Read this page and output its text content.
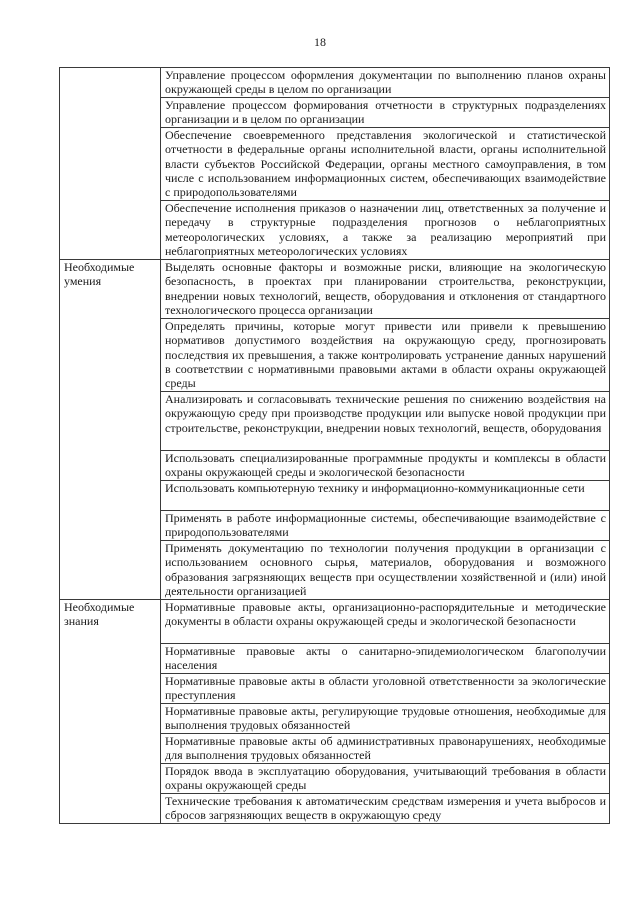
18
	Управление процессом оформления документации по выполнению планов охраны окружающей среды в целом по организации
	Управление процессом формирования отчетности в структурных подразделениях организации и в целом по организации
	Обеспечение своевременного представления экологической и статистической отчетности в федеральные органы исполнительной власти, органы исполнительной власти субъектов Российской Федерации, органы местного самоуправления, в том числе с использованием информационных систем, обеспечивающих взаимодействие с природопользователями
	Обеспечение исполнения приказов о назначении лиц, ответственных за получение и передачу в структурные подразделения прогнозов о неблагоприятных метеорологических условиях, а также за реализацию мероприятий при неблагоприятных метеорологических условиях
Необходимые умения	Выделять основные факторы и возможные риски, влияющие на экологическую безопасность, в проектах при планировании строительства, реконструкции, внедрении новых технологий, веществ, оборудования и отклонения от стандартного технологического процесса организации
	Определять причины, которые могут привести или привели к превышению нормативов допустимого воздействия на окружающую среду, прогнозировать последствия их превышения, а также контролировать устранение данных нарушений в соответствии с нормативными правовыми актами в области охраны окружающей среды
	Анализировать и согласовывать технические решения по снижению воздействия на окружающую среду при производстве продукции или выпуске новой продукции при строительстве, реконструкции, внедрении новых технологий, веществ, оборудования
	Использовать специализированные программные продукты и комплексы в области охраны окружающей среды и экологической безопасности
	Использовать компьютерную технику и информационно-коммуникационные сети
	Применять в работе информационные системы, обеспечивающие взаимодействие с природопользователями
	Применять документацию по технологии получения продукции в организации с использованием основного сырья, материалов, оборудования и возможного образования загрязняющих веществ при осуществлении хозяйственной и (или) иной деятельности организацией
Необходимые знания	Нормативные правовые акты, организационно-распорядительные и методические документы в области охраны окружающей среды и экологической безопасности
	Нормативные правовые акты о санитарно-эпидемиологическом благополучии населения
	Нормативные правовые акты в области уголовной ответственности за экологические преступления
	Нормативные правовые акты, регулирующие трудовые отношения, необходимые для выполнения трудовых обязанностей
	Нормативные правовые акты об административных правонарушениях, необходимые для выполнения трудовых обязанностей
	Порядок ввода в эксплуатацию оборудования, учитывающий требования в области охраны окружающей среды
	Технические требования к автоматическим средствам измерения и учета выбросов и сбросов загрязняющих веществ в окружающую среду
